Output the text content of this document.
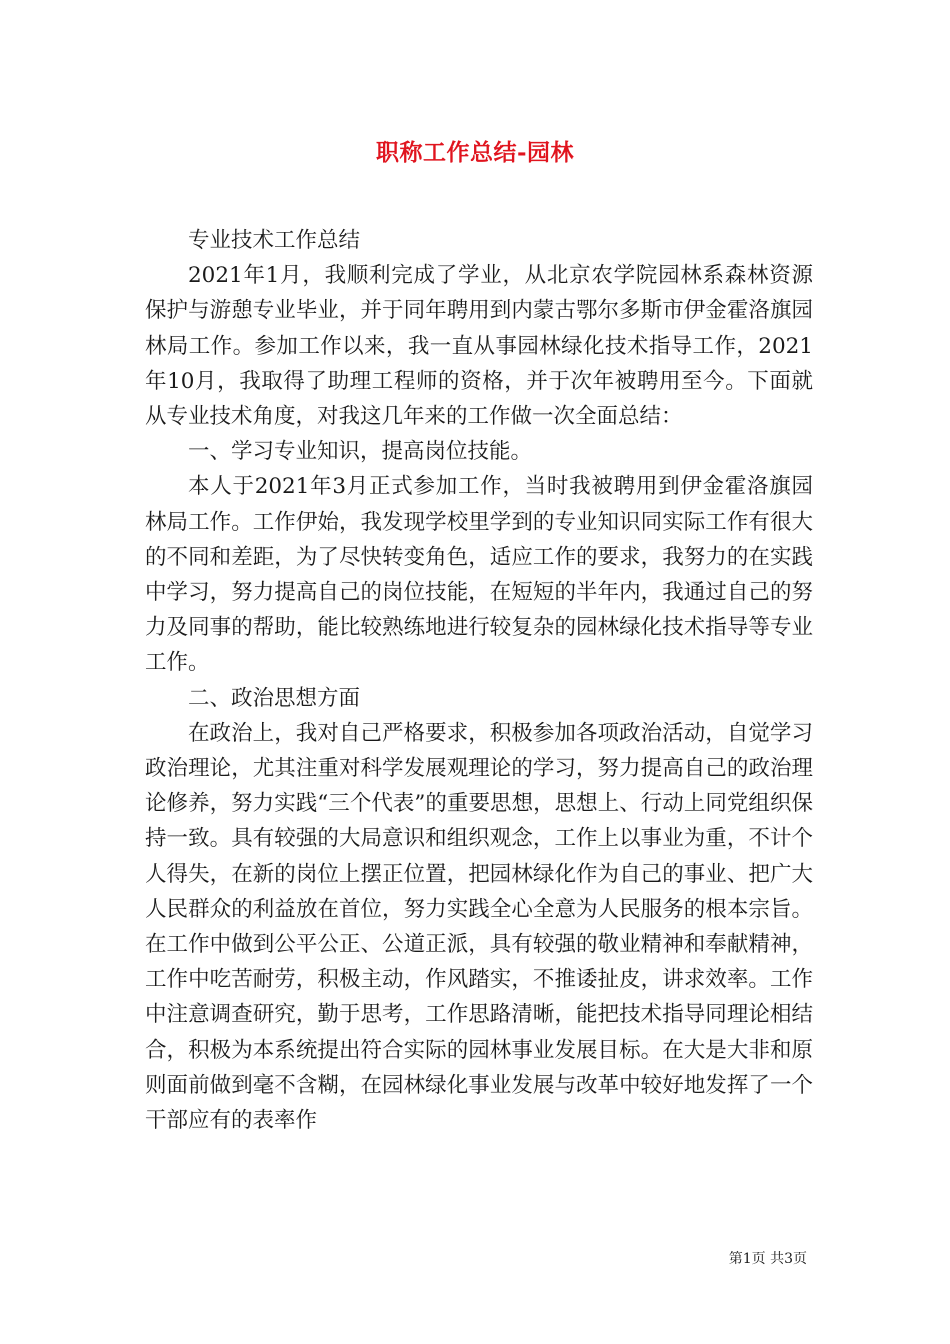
职称工作总结-园林

专业技术工作总结

2021年1月，我顺利完成了学业，从北京农学院园林系森林资源保护与游憩专业毕业，并于同年聘用到内蒙古鄂尔多斯市伊金霍洛旗园林局工作。参加工作以来，我一直从事园林绿化技术指导工作，2021年10月，我取得了助理工程师的资格，并于次年被聘用至今。下面就从专业技术角度，对我这几年来的工作做一次全面总结：

一、学习专业知识，提高岗位技能。

本人于2021年3月正式参加工作，当时我被聘用到伊金霍洛旗园林局工作。工作伊始，我发现学校里学到的专业知识同实际工作有很大的不同和差距，为了尽快转变角色，适应工作的要求，我努力的在实践中学习，努力提高自己的岗位技能，在短短的半年内，我通过自己的努力及同事的帮助，能比较熟练地进行较复杂的园林绿化技术指导等专业工作。

二、政治思想方面

在政治上，我对自己严格要求，积极参加各项政治活动，自觉学习政治理论，尤其注重对科学发展观理论的学习，努力提高自己的政治理论修养，努力实践“三个代表”的重要思想，思想上、行动上同党组织保持一致。具有较强的大局意识和组织观念，工作上以事业为重，不计个人得失，在新的岗位上摆正位置，把园林绿化作为自己的事业、把广大人民群众的利益放在首位，努力实践全心全意为人民服务的根本宗旨。在工作中做到公平公正、公道正派，具有较强的敬业精神和奉献精神，工作中吃苦耐劳，积极主动，作风踏实，不推诿扯皮，讲求效率。工作中注意调查研究，勤于思考，工作思路清晰，能把技术指导同理论相结合，积极为本系统提出符合实际的园林事业发展目标。在大是大非和原则面前做到毫不含糊，在园林绿化事业发展与改革中较好地发挥了一个干部应有的表率作

第1页 共3页
